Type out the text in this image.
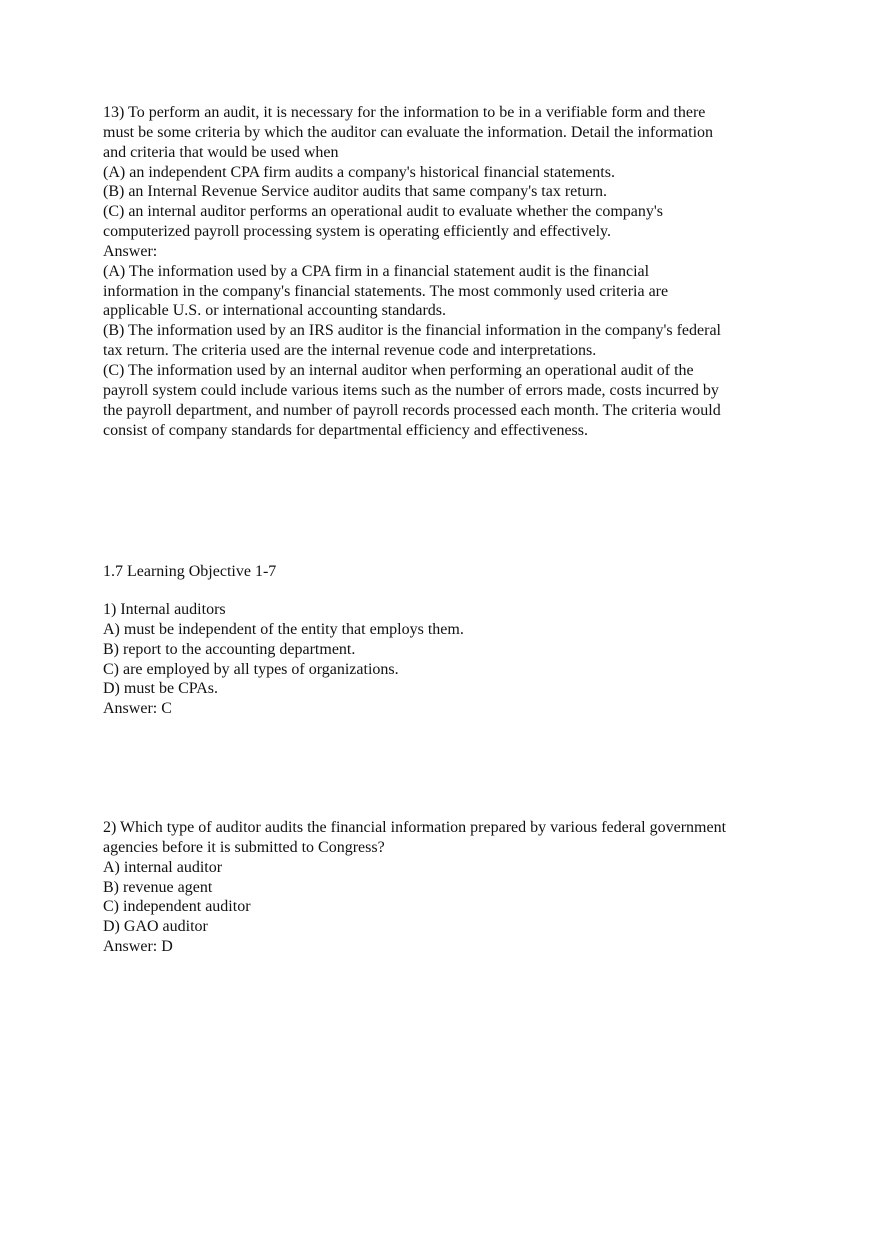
13) To perform an audit, it is necessary for the information to be in a verifiable form and there
must be some criteria by which the auditor can evaluate the information. Detail the information
and criteria that would be used when
(A) an independent CPA firm audits a company's historical financial statements.
(B) an Internal Revenue Service auditor audits that same company's tax return.
(C) an internal auditor performs an operational audit to evaluate whether the company's
computerized payroll processing system is operating efficiently and effectively.
Answer:
(A) The information used by a CPA firm in a financial statement audit is the financial
information in the company's financial statements. The most commonly used criteria are
applicable U.S. or international accounting standards.
(B) The information used by an IRS auditor is the financial information in the company's federal
tax return. The criteria used are the internal revenue code and interpretations.
(C) The information used by an internal auditor when performing an operational audit of the
payroll system could include various items such as the number of errors made, costs incurred by
the payroll department, and number of payroll records processed each month. The criteria would
consist of company standards for departmental efficiency and effectiveness.
1.7 Learning Objective 1-7
1) Internal auditors
A) must be independent of the entity that employs them.
B) report to the accounting department.
C) are employed by all types of organizations.
D) must be CPAs.
Answer: C
2) Which type of auditor audits the financial information prepared by various federal government
agencies before it is submitted to Congress?
A) internal auditor
B) revenue agent
C) independent auditor
D) GAO auditor
Answer: D
